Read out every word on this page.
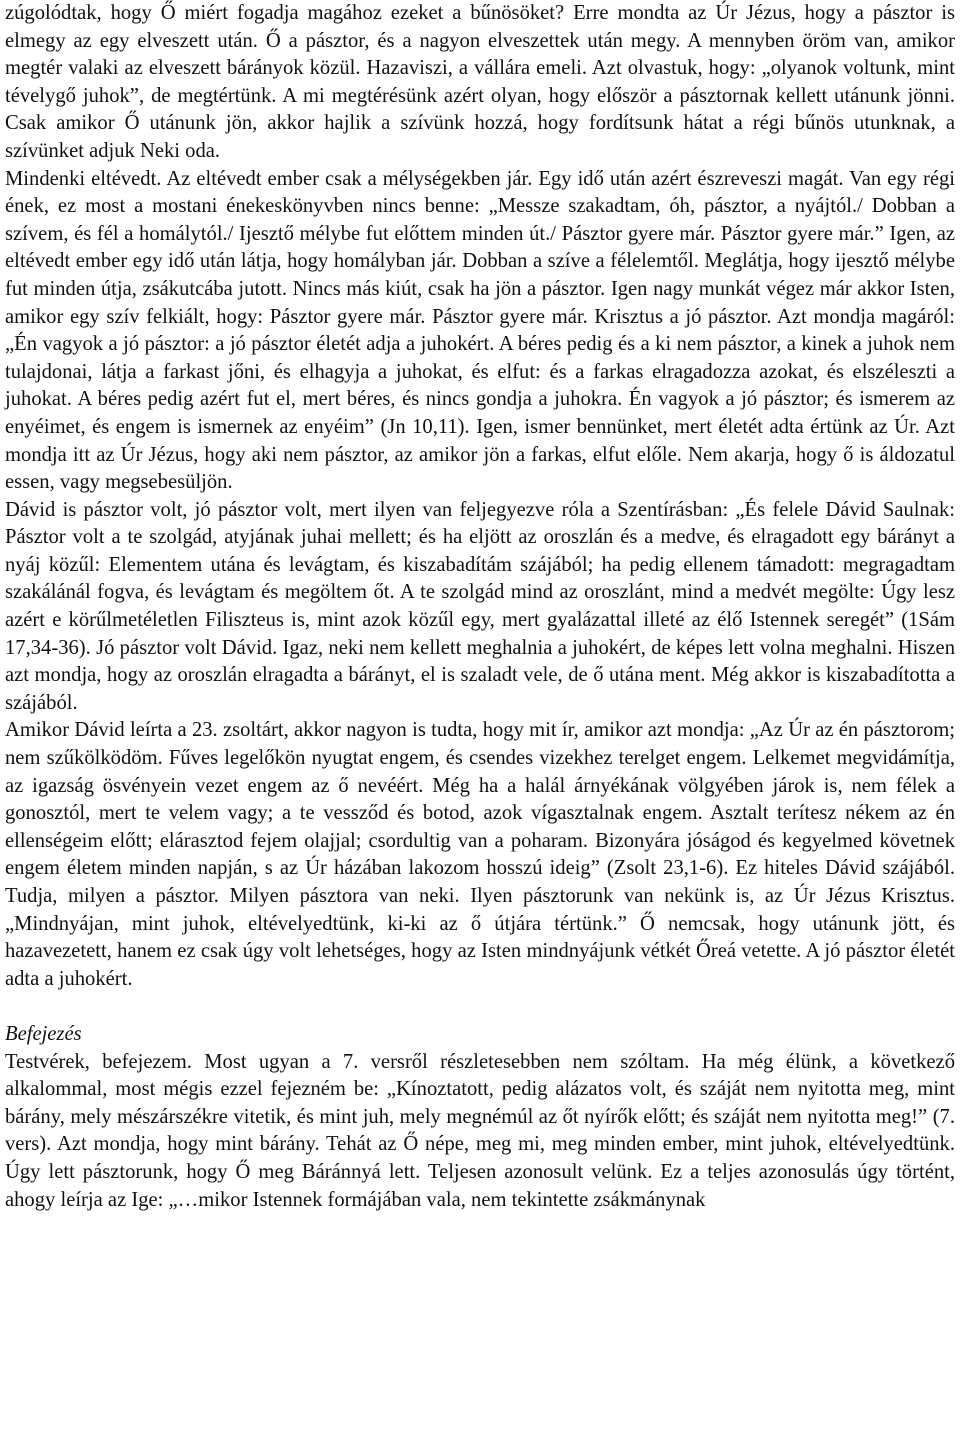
zúgolódtak, hogy Ő miért fogadja magához ezeket a bűnösöket? Erre mondta az Úr Jézus, hogy a pásztor is elmegy az egy elveszett után. Ő a pásztor, és a nagyon elveszettek után megy. A mennyben öröm van, amikor megtér valaki az elveszett bárányok közül. Hazaviszi, a vállára emeli. Azt olvastuk, hogy: „olyanok voltunk, mint tévelygő juhok”, de megtértünk. A mi megtérésünk azért olyan, hogy először a pásztornak kellett utánunk jönni. Csak amikor Ő utánunk jön, akkor hajlik a szívünk hozzá, hogy fordítsunk hátat a régi bűnös utunknak, a szívünket adjuk Neki oda.

Mindenki eltévedt. Az eltévedt ember csak a mélységekben jár. Egy idő után azért észreveszi magát. Van egy régi ének, ez most a mostani énekeskönyvben nincs benne: „Messze szakadtam, óh, pásztor, a nyájtól./ Dobban a szívem, és fél a homálytól./ Ijesztő mélybe fut előttem minden út./ Pásztor gyere már. Pásztor gyere már.” Igen, az eltévedt ember egy idő után látja, hogy homályban jár. Dobban a szíve a félelemtől. Meglátja, hogy ijesztő mélybe fut minden útja, zsákutcába jutott. Nincs más kiút, csak ha jön a pásztor. Igen nagy munkát végez már akkor Isten, amikor egy szív felkiált, hogy: Pásztor gyere már. Pásztor gyere már. Krisztus a jó pásztor. Azt mondja magáról: „Én vagyok a jó pásztor: a jó pásztor életét adja a juhokért. A béres pedig és a ki nem pásztor, a kinek a juhok nem tulajdonai, látja a farkast jőni, és elhagyja a juhokat, és elfut: és a farkas elragadozza azokat, és elszéleszti a juhokat. A béres pedig azért fut el, mert béres, és nincs gondja a juhokra. Én vagyok a jó pásztor; és ismerem az enyéimet, és engem is ismernek az enyéim” (Jn 10,11). Igen, ismer bennünket, mert életét adta értünk az Úr. Azt mondja itt az Úr Jézus, hogy aki nem pásztor, az amikor jön a farkas, elfut előle. Nem akarja, hogy ő is áldozatul essen, vagy megsebesüljön.

Dávid is pásztor volt, jó pásztor volt, mert ilyen van feljegyezve róla a Szentírásban: „És felele Dávid Saulnak: Pásztor volt a te szolgád, atyjának juhai mellett; és ha eljött az oroszlán és a medve, és elragadott egy bárányt a nyáj közűl: Elementem utána és levágtam, és kiszabadítám szájából; ha pedig ellenem támadott: megragadtam szakálánál fogva, és levágtam és megöltem őt. A te szolgád mind az oroszlánt, mind a medvét megölte: Úgy lesz azért e körűlmetéletlen Filiszteus is, mint azok közűl egy, mert gyalázattal illeté az élő Istennek seregét” (1Sám 17,34-36). Jó pásztor volt Dávid. Igaz, neki nem kellett meghalnia a juhokért, de képes lett volna meghalni. Hiszen azt mondja, hogy az oroszlán elragadta a bárányt, el is szaladt vele, de ő utána ment. Még akkor is kiszabadította a szájából.

Amikor Dávid leírta a 23. zsoltárt, akkor nagyon is tudta, hogy mit ír, amikor azt mondja: „Az Úr az én pásztorom; nem szűkölködöm. Fűves legelőkön nyugtat engem, és csendes vizekhez terelget engem. Lelkemet megvidámítja, az igazság ösvényein vezet engem az ő nevéért. Még ha a halál árnyékának völgyében járok is, nem félek a gonosztól, mert te velem vagy; a te vessződ és botod, azok vígasztalnak engem. Asztalt terítesz nékem az én ellenségeim előtt; elárasztod fejem olajjal; csordultig van a poharam. Bizonyára jóságod és kegyelmed követnek engem életem minden napján, s az Úr házában lakozom hosszú ideig” (Zsolt 23,1-6). Ez hiteles Dávid szájából. Tudja, milyen a pásztor. Milyen pásztora van neki. Ilyen pásztorunk van nekünk is, az Úr Jézus Krisztus. „Mindnyájan, mint juhok, eltévelyedtünk, ki-ki az ő útjára tértünk.” Ő nemcsak, hogy utánunk jött, és hazavezetett, hanem ez csak úgy volt lehetséges, hogy az Isten mindnyájunk vétkét Őreá vetette. A jó pásztor életét adta a juhokért.

Befejezés

Testvérek, befejezem. Most ugyan a 7. versről részletesebben nem szóltam. Ha még élünk, a következő alkalommal, most mégis ezzel fejezném be: „Kínoztatott, pedig alázatos volt, és száját nem nyitotta meg, mint bárány, mely mészárszékre vitetik, és mint juh, mely megnémúl az őt nyírők előtt; és száját nem nyitotta meg!” (7. vers). Azt mondja, hogy mint bárány. Tehát az Ő népe, meg mi, meg minden ember, mint juhok, eltévelyedtünk. Úgy lett pásztorunk, hogy Ő meg Báránnyá lett. Teljesen azonosult velünk. Ez a teljes azonosulás úgy történt, ahogy leírja az Ige: „…mikor Istennek formájában vala, nem tekintette zsákmánynak
